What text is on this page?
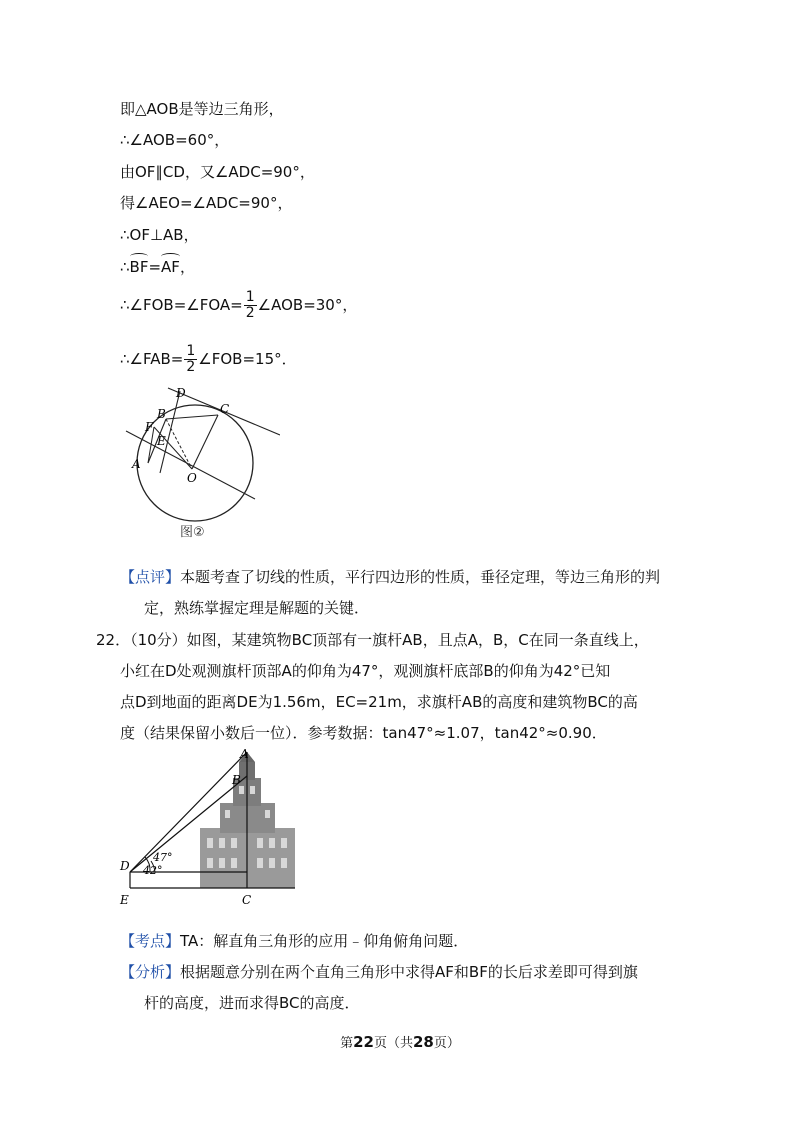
即△AOB是等边三角形，
∴∠AOB=60°，
由OF∥CD，又∠ADC=90°，
得∠AEO=∠ADC=90°，
∴OF⊥AB，
∴BF=AF，
∴∠FOB=∠FOA= $\frac{1}{2}$ ∠AOB=30°，
∴∠FAB= $\frac{1}{2}$ ∠FOB=15°．
D
B	C
F
E
A
O
图②
【点评】本题考查了切线的性质，平行四边形的性质，垂径定理，等边三角形的判
定，熟练掌握定理是解题的关键．
22．（10分）如图，某建筑物BC顶部有一旗杆AB，且点A，B，C在同一条直线上，
小红在D处观测旗杆顶部A的仰角为47°，观测旗杆底部B的仰角为42°已知
点D到地面的距离DE为1.56m，EC=21m，求旗杆AB的高度和建筑物BC的高
度（结果保留小数后一位）．参考数据：tan47°≈1.07，tan42°≈0.90．
A
B
D
E	C
47°
42°
【考点】TA：解直角三角形的应用﹣仰角俯角问题．
【分析】根据题意分别在两个直角三角形中求得AF和BF的长后求差即可得到旗
杆的高度，进而求得BC的高度．
第22页（共28页）
